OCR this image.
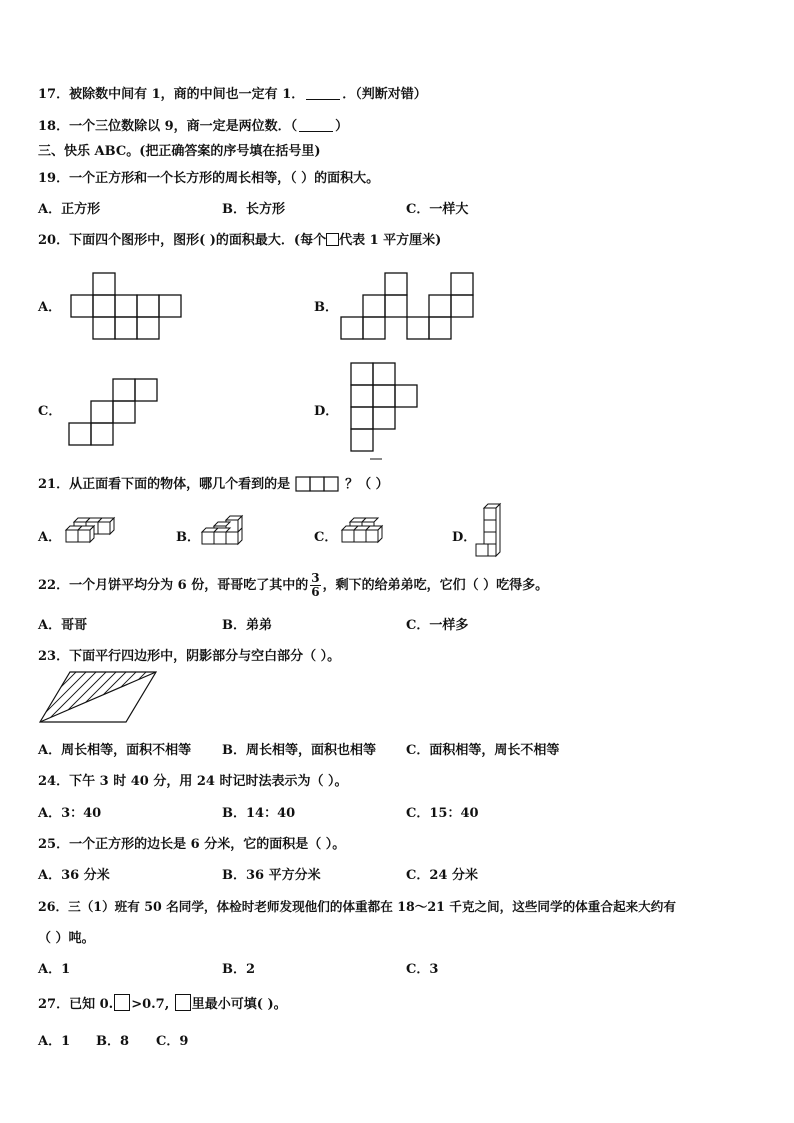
17．被除数中间有 1，商的中间也一定有 1．	．（判断对错）
18．一个三位数除以 9，商一定是两位数．（	）
三、快乐 ABC。(把正确答案的序号填在括号里)
19．一个正方形和一个长方形的周长相等，（ ）的面积大。
A．正方形	B．长方形	C．一样大
20．下面四个图形中，图形( )的面积最大．(每个 代表 1 平方厘米)
A．	B．
C．	D．
21．从正面看下面的物体，哪几个看到的是	？（ ）
A．	B．	C．	D．
22．一个月饼平均分为 6 份，哥哥吃了其中的 $\frac{3}{6}$ ，剩下的给弟弟吃，它们（ ）吃得多。
A．哥哥	B．弟弟	C．一样多
23．下面平行四边形中，阴影部分与空白部分（ ）。
A．周长相等，面积不相等 B．周长相等，面积也相等 C．面积相等，周长不相等
24．下午 3 时 40 分，用 24 时记时法表示为（ ）。
A．3：40	B．14：40	C．15：40
25．一个正方形的边长是 6 分米，它的面积是（ ）。
A．36 分米	B．36 平方分米	C．24 分米
26．三（1）班有 50 名同学，体检时老师发现他们的体重都在 18～21 千克之间，这些同学的体重合起来大约有
（ ）吨。
A．1	B．2	C．3
27．已知 0. >0.7, 里最小可填( )。
A．1 B．8 C．9
